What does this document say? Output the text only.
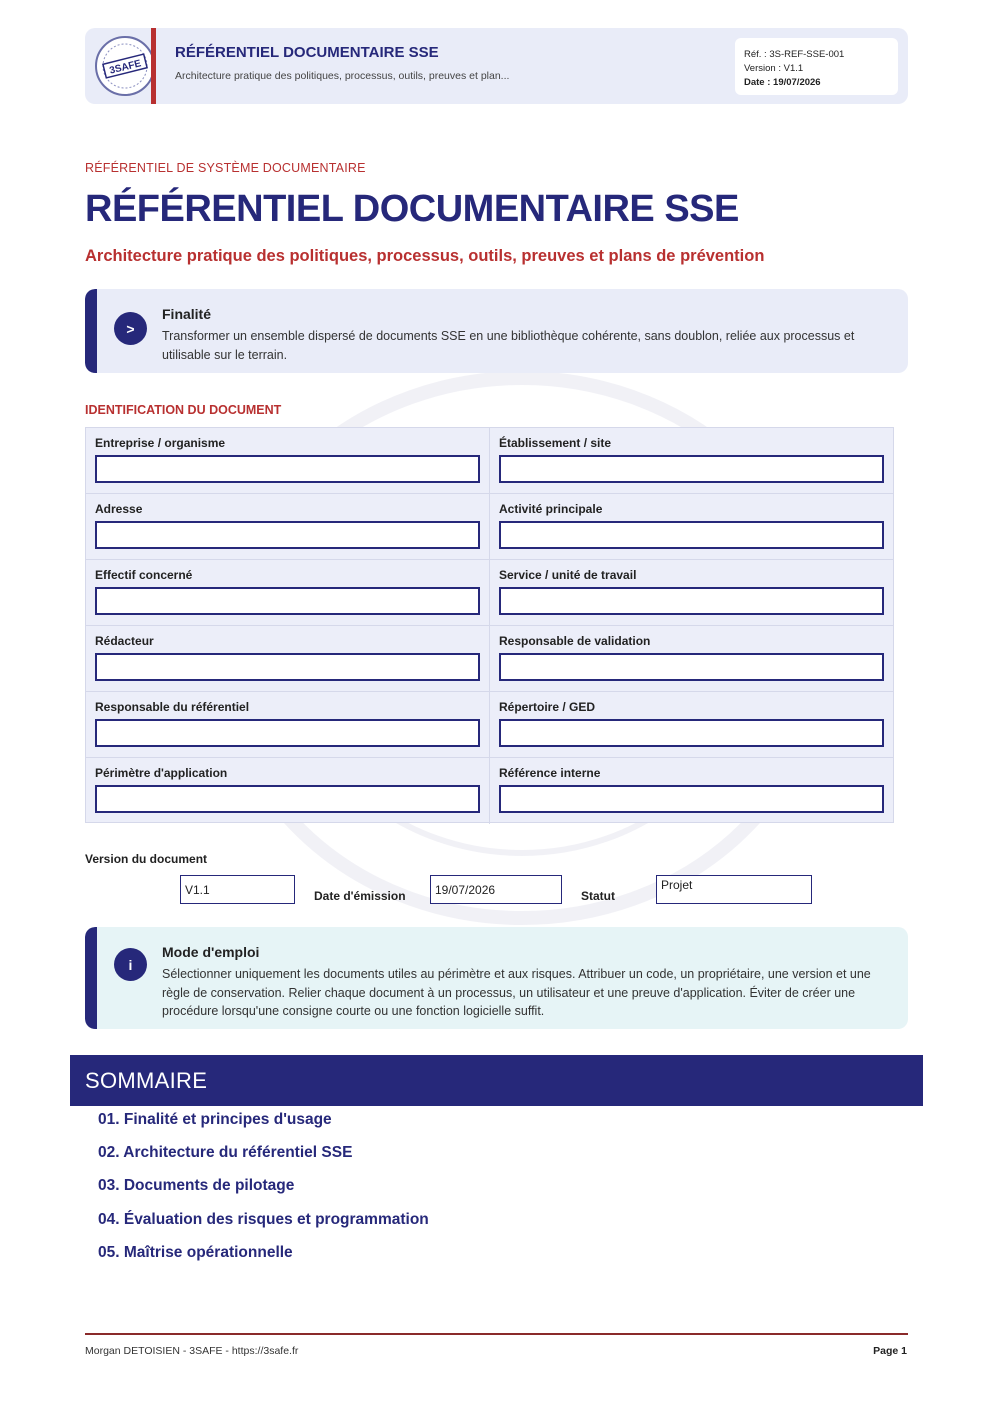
3SAFE
RÉFÉRENTIEL DOCUMENTAIRE SSE
Architecture pratique des politiques, processus, outils, preuves et plan...
Réf. : 3S-REF-SSE-001
Version : V1.1
Date : 19/07/2026
RÉFÉRENTIEL DE SYSTÈME DOCUMENTAIRE
RÉFÉRENTIEL DOCUMENTAIRE SSE
Architecture pratique des politiques, processus, outils, preuves et plans de prévention
>
Finalité
Transformer un ensemble dispersé de documents SSE en une bibliothèque cohérente, sans doublon, reliée aux processus et utilisable sur le terrain.
IDENTIFICATION DU DOCUMENT
Entreprise / organisme	Établissement / site
Adresse	Activité principale
Effectif concerné	Service / unité de travail
Rédacteur	Responsable de validation
Responsable du référentiel	Répertoire / GED
Périmètre d'application	Référence interne
Version du document
V1.1
Date d'émission
19/07/2026	Statut
Projet
i
Mode d'emploi
Sélectionner uniquement les documents utiles au périmètre et aux risques. Attribuer un code, un propriétaire, une version et une règle de conservation. Relier chaque document à un processus, un utilisateur et une preuve d'application. Éviter de créer une procédure lorsqu'une consigne courte ou une fonction logicielle suffit.
SOMMAIRE
01. Finalité et principes d'usage
02. Architecture du référentiel SSE
03. Documents de pilotage
04. Évaluation des risques et programmation
05. Maîtrise opérationnelle
Morgan DETOISIEN - 3SAFE - https://3safe.fr	Page 1
